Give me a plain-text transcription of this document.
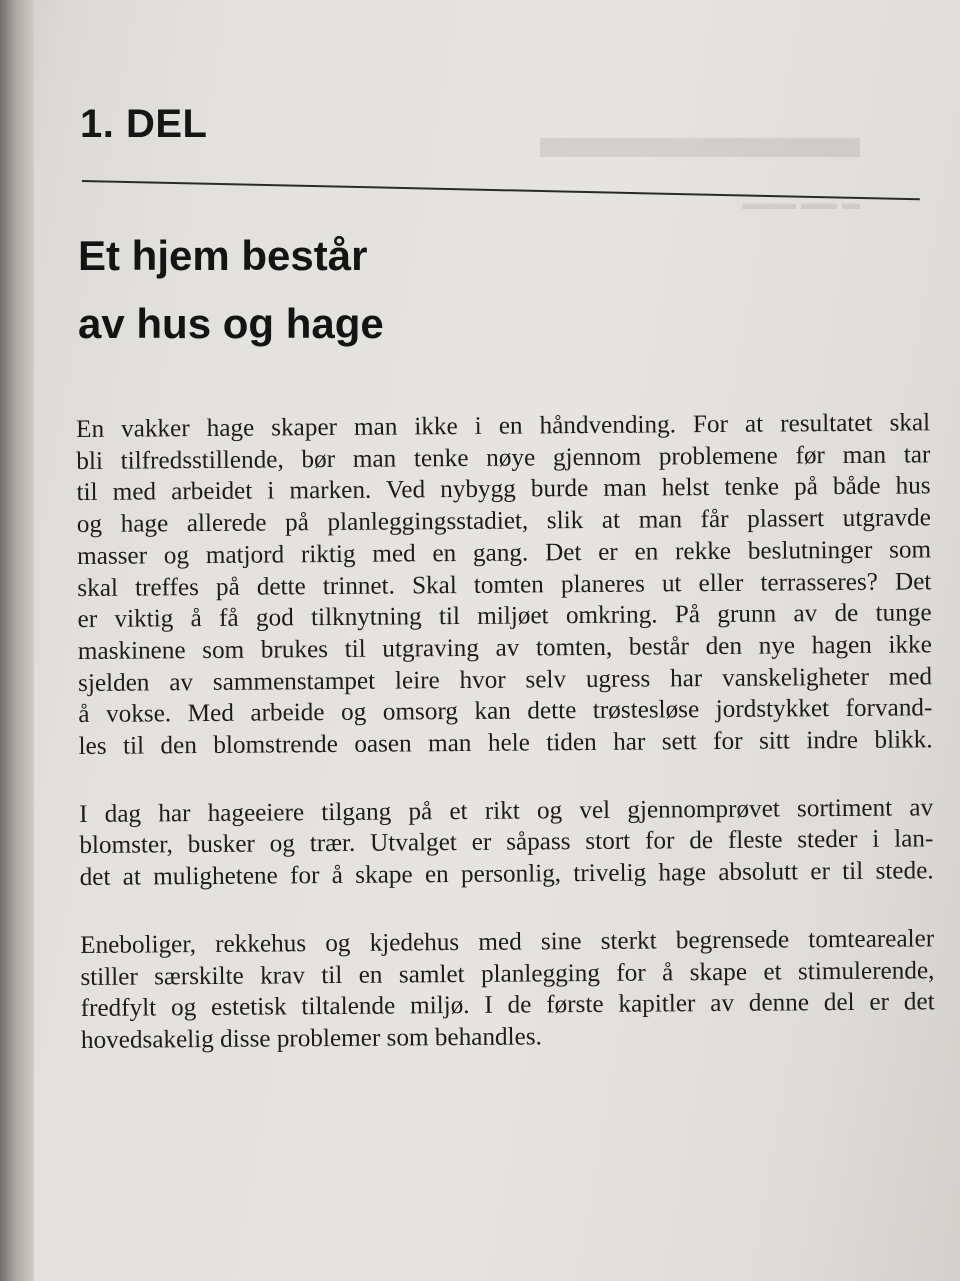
▬▬▬▬▬
▬ ▬▬ ▬▬▬
1. DEL
Et hjem består
av hus og hage

En vakker hage skaper man ikke i en håndvending. For at resultatet skal
bli tilfredsstillende, bør man tenke nøye gjennom problemene før man tar
til med arbeidet i marken. Ved nybygg burde man helst tenke på både hus
og hage allerede på planleggingsstadiet, slik at man får plassert utgravde
masser og matjord riktig med en gang. Det er en rekke beslutninger som
skal treffes på dette trinnet. Skal tomten planeres ut eller terrasseres? Det
er viktig å få god tilknytning til miljøet omkring. På grunn av de tunge
maskinene som brukes til utgraving av tomten, består den nye hagen ikke
sjelden av sammenstampet leire hvor selv ugress har vanskeligheter med
å vokse. Med arbeide og omsorg kan dette trøstesløse jordstykket forvand-
les til den blomstrende oasen man hele tiden har sett for sitt indre blikk.

I dag har hageeiere tilgang på et rikt og vel gjennomprøvet sortiment av
blomster, busker og trær. Utvalget er såpass stort for de fleste steder i lan-
det at mulighetene for å skape en personlig, trivelig hage absolutt er til stede.

Eneboliger, rekkehus og kjedehus med sine sterkt begrensede tomtearealer
stiller særskilte krav til en samlet planlegging for å skape et stimulerende,
fredfylt og estetisk tiltalende miljø. I de første kapitler av denne del er det
hovedsakelig disse problemer som behandles.
